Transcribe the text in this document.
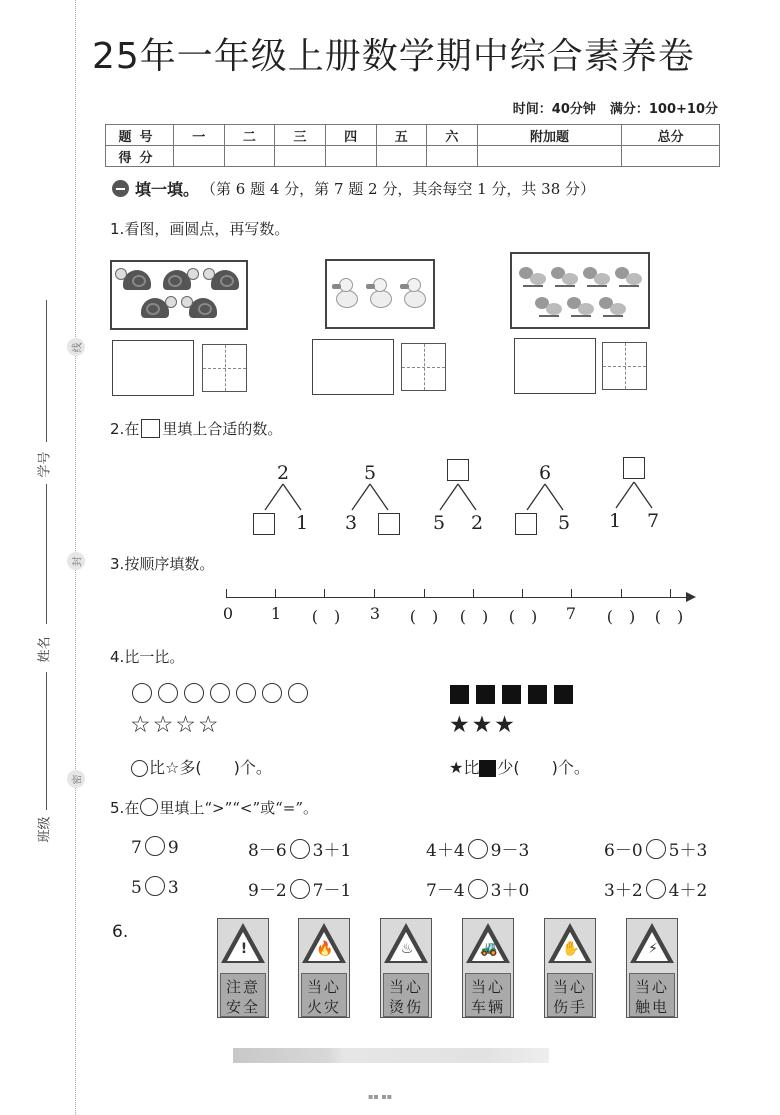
线
封
密
学号
姓名
班级
25年一年级上册数学期中综合素养卷
时间：40分钟 满分：100+10分
题号	一	二	三	四	五	六	附加题	总分
得分								
填一填。 （第 6 题 4 分，第 7 题 2 分，其余每空 1 分，共 38 分）
1.看图，画圆点，再写数。
2.在 里填上合适的数。
2
1
5
3	5 2
6
5 1 7
3.按顺序填数。
0	1	(　)	3	(　)	(　)	(　)	7	(　)	(　)
4.比一比。
☆☆☆☆
比☆多(　　)个。
★★★
★比 少(　　)个。
5.在 里填上“>”“<”或“=”。
7 9	8－6 3＋1	4＋4 9－3	6－0 5＋3
5 3	9－2 7－1	7－4 3＋0	3＋2 4＋2
6.
!
注意
安全
🔥
当心
火灾
♨
当心
烫伤
🚜
当心
车辆
✋
当心
伤手
⚡
当心
触电
▪▪ ▪▪
